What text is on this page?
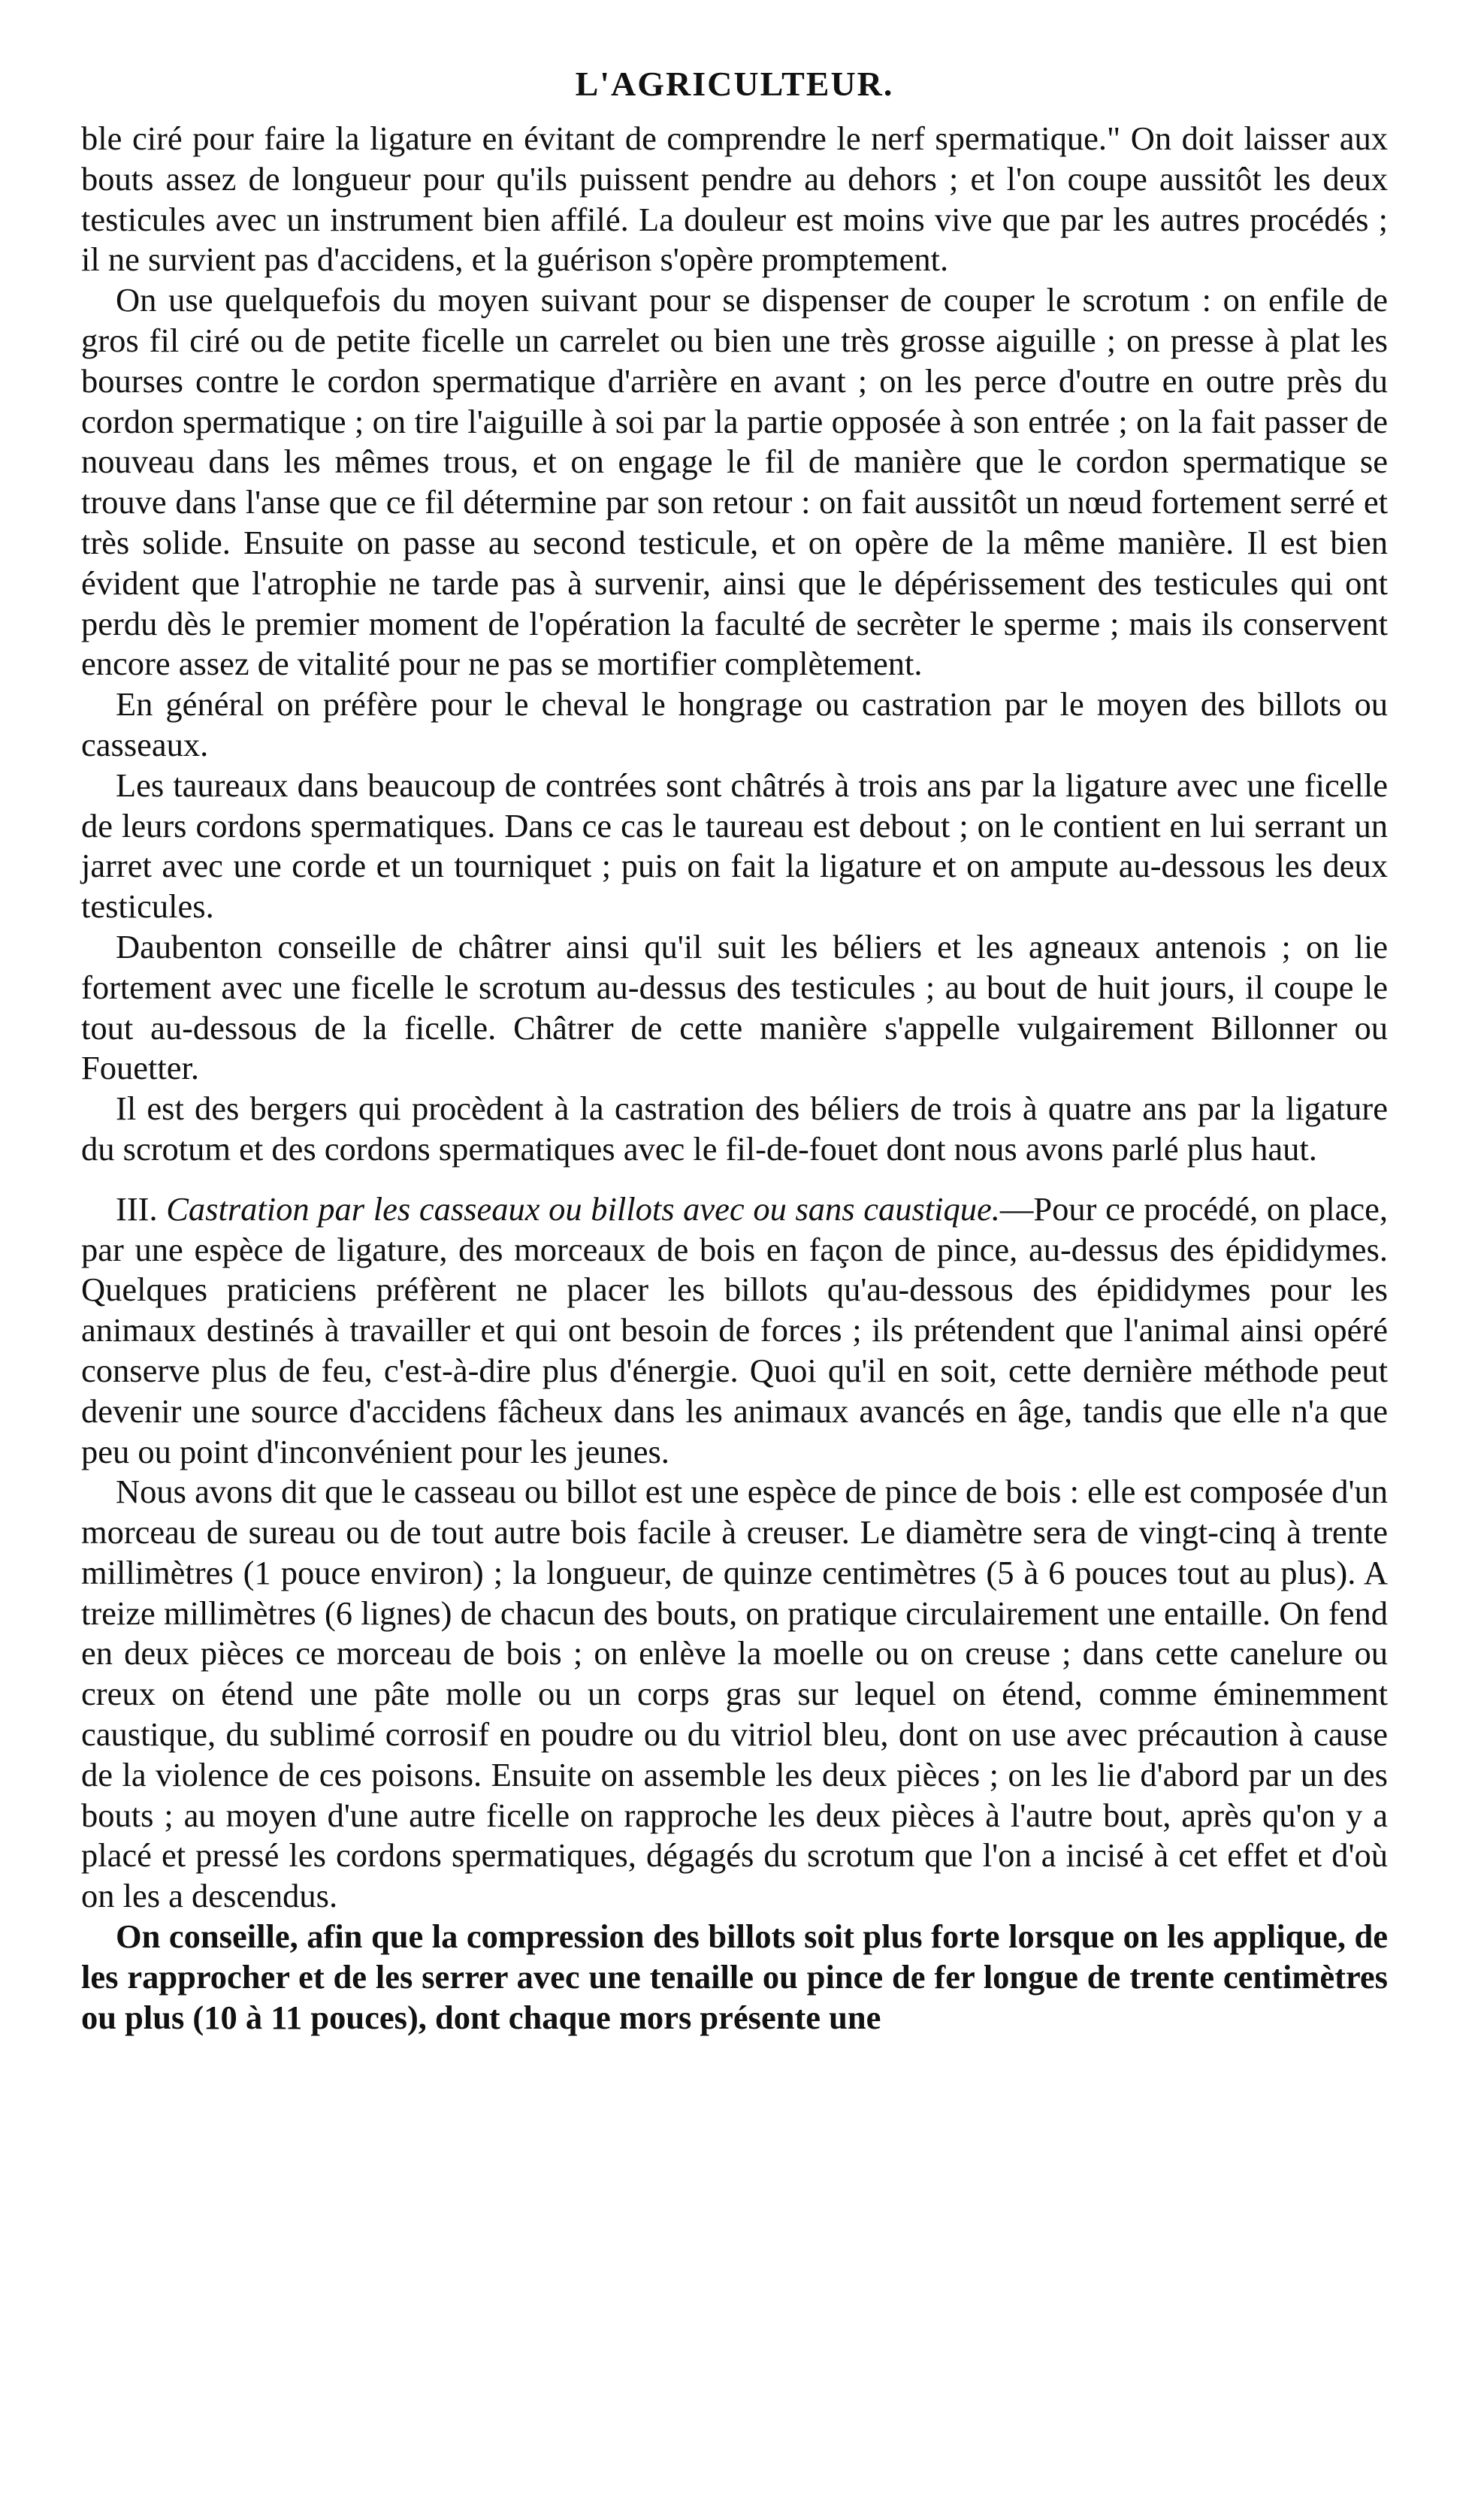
L'AGRICULTEUR.

ble ciré pour faire la ligature en évitant de comprendre le nerf spermatique." On doit laisser aux bouts assez de longueur pour qu'ils puissent pendre au dehors ; et l'on coupe aussitôt les deux testicules avec un instrument bien affilé. La douleur est moins vive que par les autres procédés ; il ne survient pas d'accidens, et la guérison s'opère promptement.

On use quelquefois du moyen suivant pour se dispenser de couper le scrotum : on enfile de gros fil ciré ou de petite ficelle un carrelet ou bien une très grosse aiguille ; on presse à plat les bourses contre le cordon spermatique d'arrière en avant ; on les perce d'outre en outre près du cordon spermatique ; on tire l'aiguille à soi par la partie opposée à son entrée ; on la fait passer de nouveau dans les mêmes trous, et on engage le fil de manière que le cordon spermatique se trouve dans l'anse que ce fil détermine par son retour : on fait aussitôt un nœud fortement serré et très solide. Ensuite on passe au second testicule, et on opère de la même manière. Il est bien évident que l'atrophie ne tarde pas à survenir, ainsi que le dépérissement des testicules qui ont perdu dès le premier moment de l'opération la faculté de secrèter le sperme ; mais ils conservent encore assez de vitalité pour ne pas se mortifier complètement.

En général on préfère pour le cheval le hongrage ou castration par le moyen des billots ou casseaux.

Les taureaux dans beaucoup de contrées sont châtrés à trois ans par la ligature avec une ficelle de leurs cordons spermatiques. Dans ce cas le taureau est debout ; on le contient en lui serrant un jarret avec une corde et un tourniquet ; puis on fait la ligature et on ampute au-dessous les deux testicules.

Daubenton conseille de châtrer ainsi qu'il suit les béliers et les agneaux antenois ; on lie fortement avec une ficelle le scrotum au-dessus des testicules ; au bout de huit jours, il coupe le tout au-dessous de la ficelle. Châtrer de cette manière s'appelle vulgairement Billonner ou Fouetter.

Il est des bergers qui procèdent à la castration des béliers de trois à quatre ans par la ligature du scrotum et des cordons spermatiques avec le fil-de-fouet dont nous avons parlé plus haut.

III. Castration par les casseaux ou billots avec ou sans caustique.—Pour ce procédé, on place, par une espèce de ligature, des morceaux de bois en façon de pince, au-dessus des épididymes. Quelques praticiens préfèrent ne placer les billots qu'au-dessous des épididymes pour les animaux destinés à travailler et qui ont besoin de forces ; ils prétendent que l'animal ainsi opéré conserve plus de feu, c'est-à-dire plus d'énergie. Quoi qu'il en soit, cette dernière méthode peut devenir une source d'accidens fâcheux dans les animaux avancés en âge, tandis que elle n'a que peu ou point d'inconvénient pour les jeunes.

Nous avons dit que le casseau ou billot est une espèce de pince de bois : elle est composée d'un morceau de sureau ou de tout autre bois facile à creuser. Le diamètre sera de vingt-cinq à trente millimètres (1 pouce environ) ; la longueur, de quinze centimètres (5 à 6 pouces tout au plus). A treize millimètres (6 lignes) de chacun des bouts, on pratique circulairement une entaille. On fend en deux pièces ce morceau de bois ; on enlève la moelle ou on creuse ; dans cette canelure ou creux on étend une pâte molle ou un corps gras sur lequel on étend, comme éminemment caustique, du sublimé corrosif en poudre ou du vitriol bleu, dont on use avec précaution à cause de la violence de ces poisons. Ensuite on assemble les deux pièces ; on les lie d'abord par un des bouts ; au moyen d'une autre ficelle on rapproche les deux pièces à l'autre bout, après qu'on y a placé et pressé les cordons spermatiques, dégagés du scrotum que l'on a incisé à cet effet et d'où on les a descendus.

On conseille, afin que la compression des billots soit plus forte lorsque on les applique, de les rapprocher et de les serrer avec une tenaille ou pince de fer longue de trente centimètres ou plus (10 à 11 pouces), dont chaque mors présente une
